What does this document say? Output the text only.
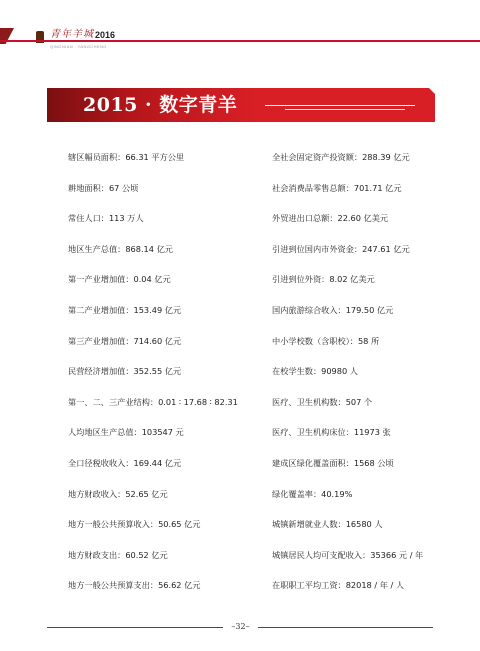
青年羊城 2016
QINGNIAN · YANGCHENG
2015 · 数字青羊
辖区幅员面积：66.31 平方公里
耕地面积：67 公顷
常住人口：113 万人
地区生产总值：868.14 亿元
第一产业增加值：0.04 亿元
第二产业增加值：153.49 亿元
第三产业增加值：714.60 亿元
民营经济增加值：352.55 亿元
第一、二、三产业结构：0.01 ∶ 17.68 ∶ 82.31
人均地区生产总值：103547 元
全口径税收收入：169.44 亿元
地方财政收入：52.65 亿元
地方一般公共预算收入：50.65 亿元
地方财政支出：60.52 亿元
地方一般公共预算支出：56.62 亿元
全社会固定资产投资额：288.39 亿元
社会消费品零售总额：701.71 亿元
外贸进出口总额：22.60 亿美元
引进到位国内市外资金：247.61 亿元
引进到位外资：8.02 亿美元
国内旅游综合收入：179.50 亿元
中小学校数（含职校）：58 所
在校学生数：90980 人
医疗、卫生机构数：507 个
医疗、卫生机构床位：11973 张
建成区绿化覆盖面积：1568 公顷
绿化覆盖率：40.19%
城镇新增就业人数：16580 人
城镇居民人均可支配收入：35366 元 / 年
在职职工平均工资：82018 / 年 / 人
–32–
